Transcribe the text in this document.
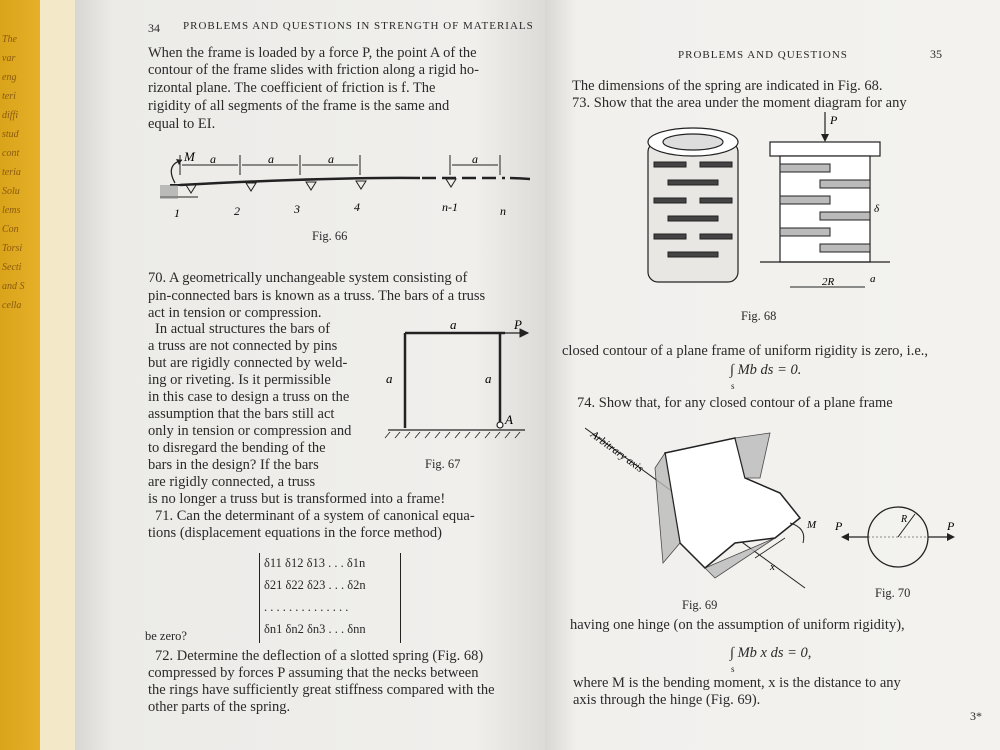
The
var
eng
teri
diffi
stud
cont
teria
Solu
lems
Con
Torsi
Secti
and S
cella
34 PROBLEMS AND QUESTIONS IN STRENGTH OF MATERIALS
When the frame is loaded by a force P, the point A of the
contour of the frame slides with friction along a rigid ho-
rizontal plane. The coefficient of friction is f. The
rigidity of all segments of the frame is the same and
equal to EI.
M a	a	a	a
1	2	3	4	n-1	n
Fig. 66
70. A geometrically unchangeable system consisting of
pin-connected bars is known as a truss. The bars of a truss
act in tension or compression.
In actual structures the bars of
a truss are not connected by pins
but are rigidly connected by weld-
ing or riveting. Is it permissible
in this case to design a truss on the
assumption that the bars still act
only in tension or compression and
to disregard the bending of the
bars in the design? If the bars
are rigidly connected, a truss
is no longer a truss but is transformed into a frame!
a	P
a	a
A
Fig. 67
71. Can the determinant of a system of canonical equa-
tions (displacement equations in the force method)
δ11 δ12 δ13 . . . δ1n
δ21 δ22 δ23 . . . δ2n
. . . . . . . . . . . . . .
δn1 δn2 δn3 . . . δnn
be zero?
72. Determine the deflection of a slotted spring (Fig. 68)
compressed by forces P assuming that the necks between
the rings have sufficiently great stiffness compared with the
other parts of the spring.
PROBLEMS AND QUESTIONS	35
The dimensions of the spring are indicated in Fig. 68.
73. Show that the area under the moment diagram for any
P
2R	a
δ
Fig. 68
closed contour of a plane frame of uniform rigidity is zero, i.e.,
∫ Mb ds = 0.
s
74. Show that, for any closed contour of a plane frame
Arbitrary axis
M
x
Fig. 69
P	P
R
Fig. 70
having one hinge (on the assumption of uniform rigidity),
∫ Mb x ds = 0,
s
where M is the bending moment, x is the distance to any
axis through the hinge (Fig. 69).
3*
